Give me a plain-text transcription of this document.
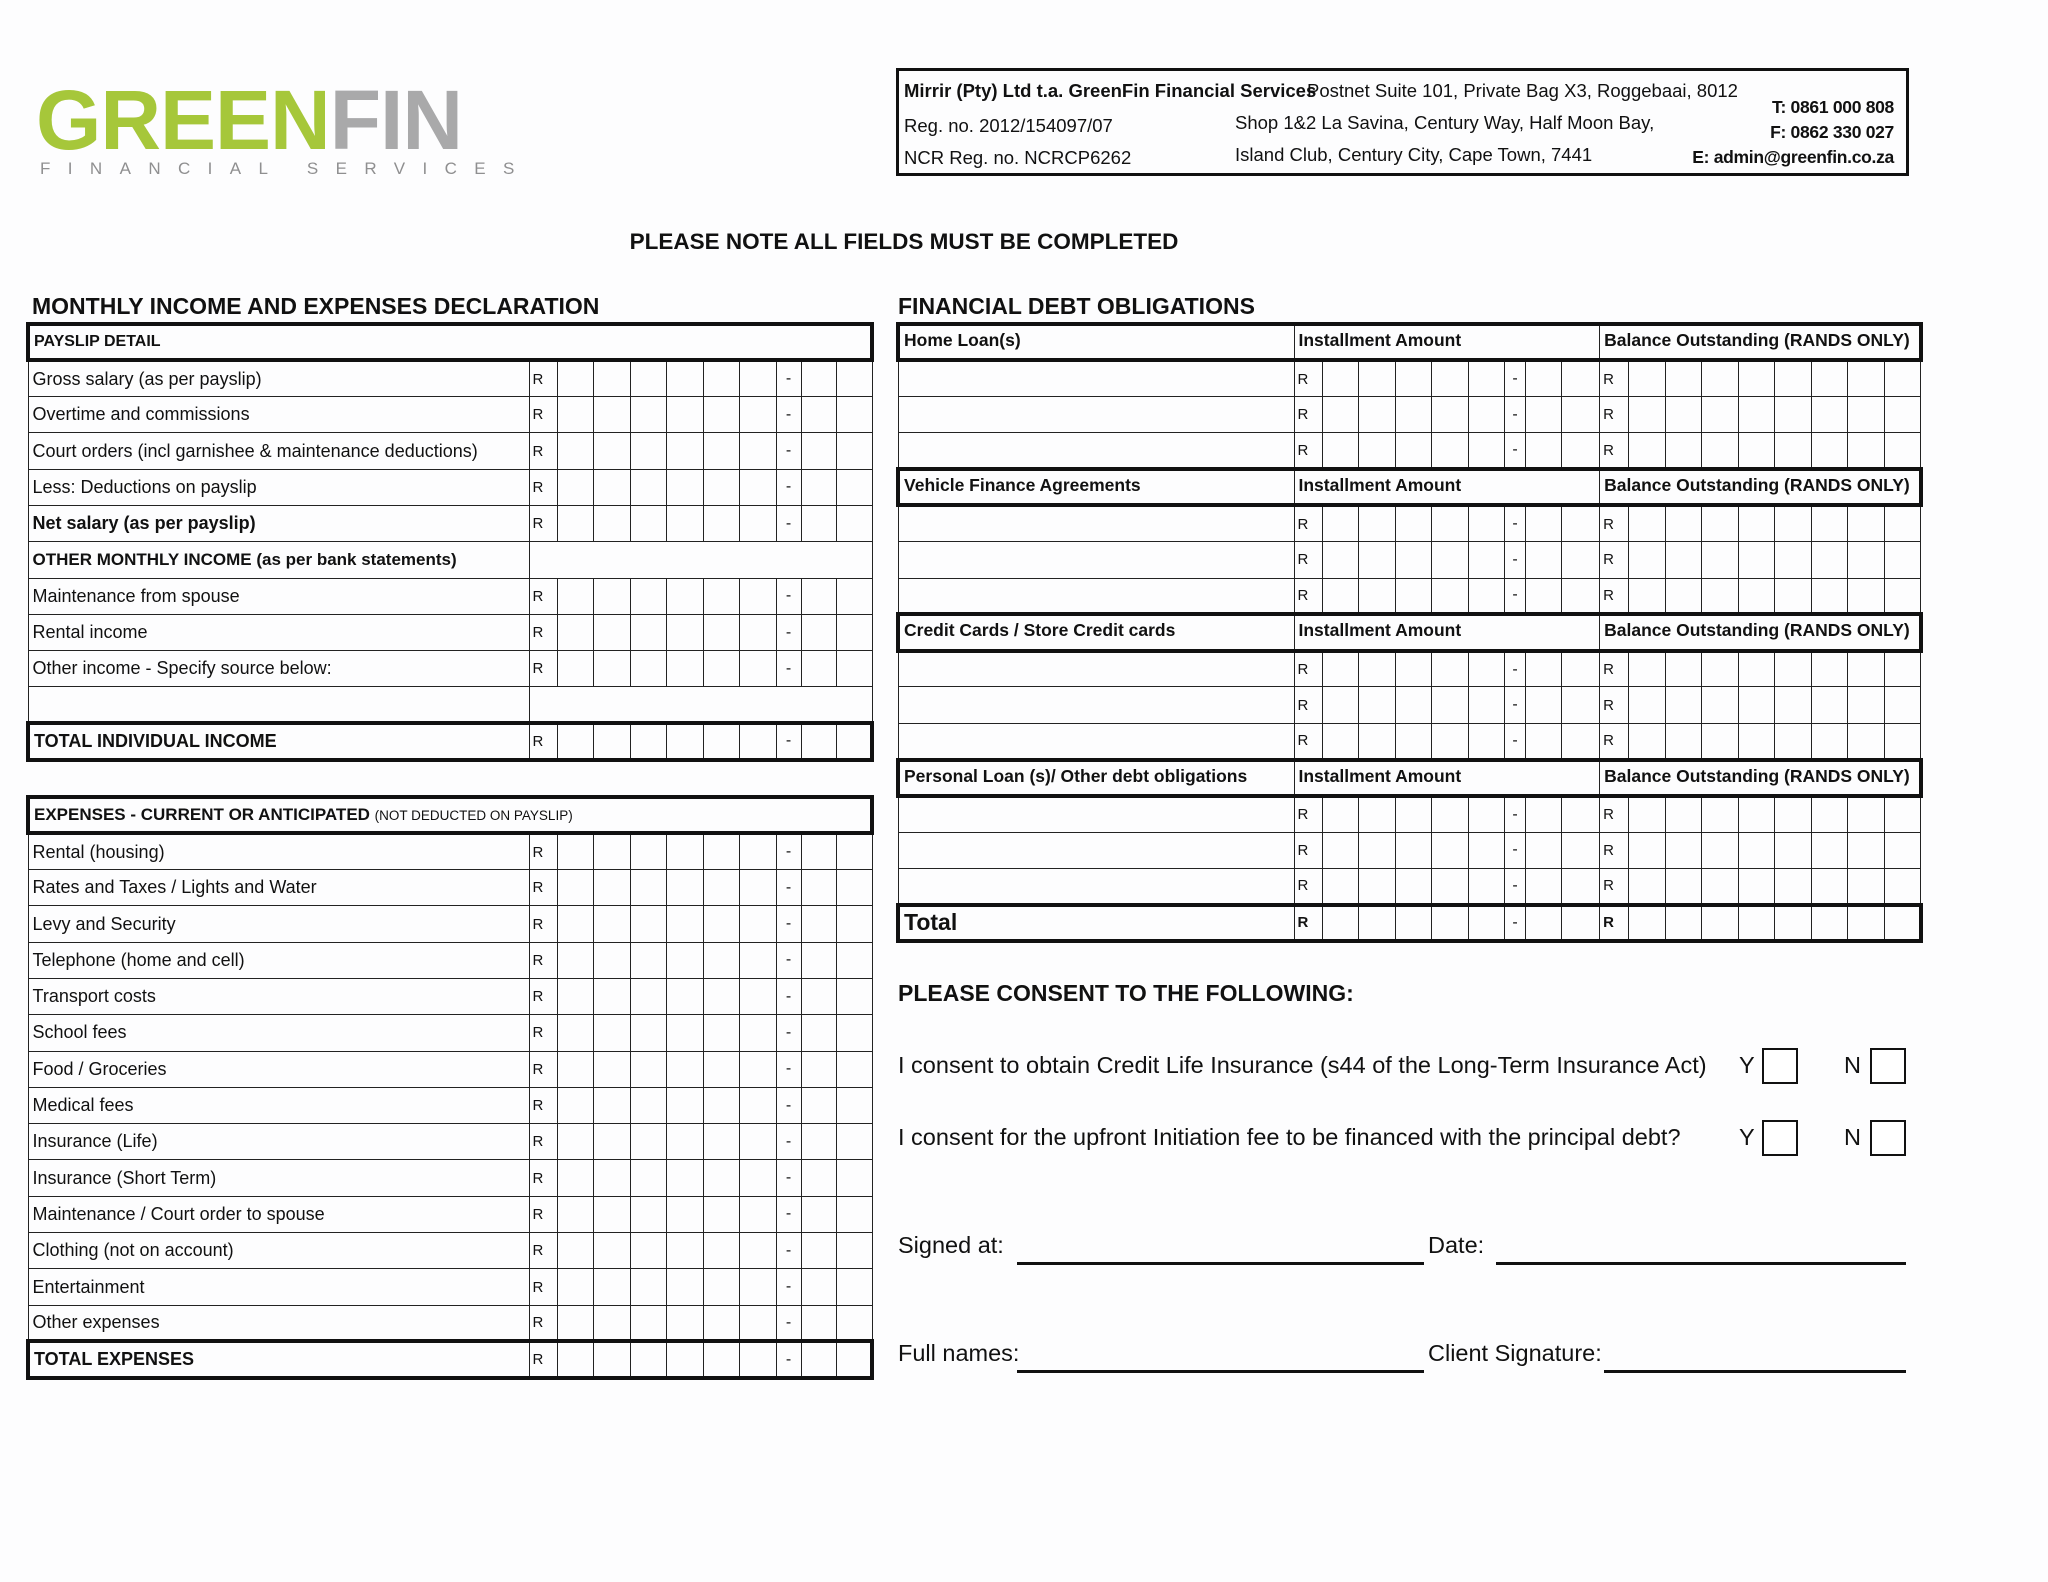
GREENFIN
FINANCIAL SERVICES
Mirrir (Pty) Ltd t.a. GreenFin Financial Services
Postnet Suite 101, Private Bag X3, Roggebaai, 8012
Reg. no. 2012/154097/07	Shop 1&2 La Savina, Century Way, Half Moon Bay,
NCR Reg. no. NCRCP6262	Island Club, Century City, Cape Town, 7441
T: 0861 000 808
F: 0862 330 027
E: admin@greenfin.co.za
PLEASE NOTE ALL FIELDS MUST BE COMPLETED
MONTHLY INCOME AND EXPENSES DECLARATION	FINANCIAL DEBT OBLIGATIONS
PAYSLIP DETAIL										
Gross salary (as per payslip)	R							-		
Overtime and commissions	R							-		
Court orders (incl garnishee & maintenance deductions)	R							-		
Less: Deductions on payslip	R							-		
Net salary (as per payslip)	R							-		
OTHER MONTHLY INCOME (as per bank statements)										
Maintenance from spouse	R							-		
Rental income	R							-		
Other income - Specify source below:	R							-		

TOTAL INDIVIDUAL INCOME	R							-		
EXPENSES - CURRENT OR ANTICIPATED (NOT DEDUCTED ON PAYSLIP)										
Rental (housing)	R							-		
Rates and Taxes / Lights and Water	R							-		
Levy and Security	R							-		
Telephone (home and cell)	R							-		
Transport costs	R							-		
School fees	R							-		
Food / Groceries	R							-		
Medical fees	R							-		
Insurance (Life)	R							-		
Insurance (Short Term)	R							-		
Maintenance / Court order to spouse	R							-		
Clothing (not on account)	R							-		
Entertainment	R							-		
Other expenses	R							-		
TOTAL EXPENSES	R							-		
Home Loan(s)	Installment Amount									Balance Outstanding (RANDS ONLY)								
	R						-			R								
	R						-			R								
	R						-			R								
Vehicle Finance Agreements	Installment Amount									Balance Outstanding (RANDS ONLY)								
	R						-			R								
	R						-			R								
	R						-			R								
Credit Cards / Store Credit cards	Installment Amount									Balance Outstanding (RANDS ONLY)								
	R						-			R								
	R						-			R								
	R						-			R								
Personal Loan (s)/ Other debt obligations	Installment Amount									Balance Outstanding (RANDS ONLY)								
	R						-			R								
	R						-			R								
	R						-			R								
Total	R						-			R								
PLEASE CONSENT TO THE FOLLOWING:
I consent to obtain Credit Life Insurance (s44 of the Long-Term Insurance Act) Y	N
I consent for the upfront Initiation fee to be financed with the principal debt? Y	N
Signed at:	Date:
Full names:	Client Signature:
